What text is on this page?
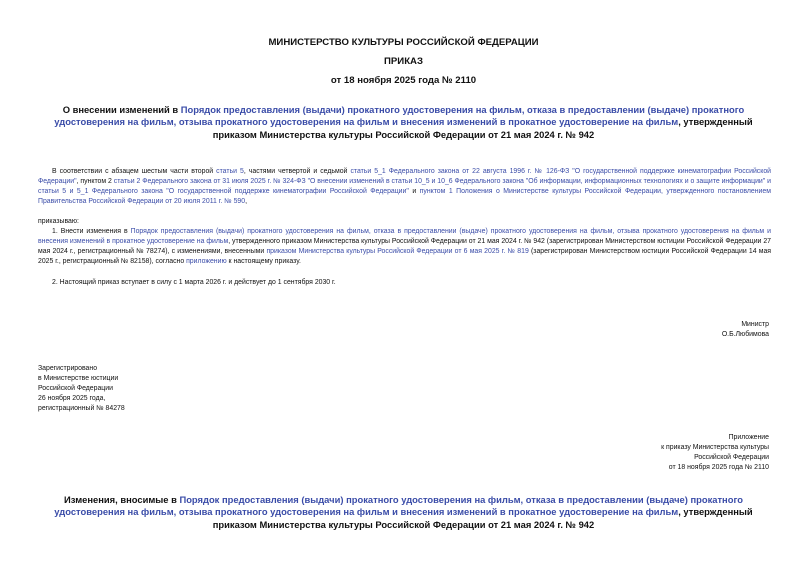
МИНИСТЕРСТВО КУЛЬТУРЫ РОССИЙСКОЙ ФЕДЕРАЦИИ
ПРИКАЗ
от 18 ноября 2025 года № 2110
О внесении изменений в Порядок предоставления (выдачи) прокатного удостоверения на фильм, отказа в предоставлении (выдаче) прокатного удостоверения на фильм, отзыва прокатного удостоверения на фильм и внесения изменений в прокатное удостоверение на фильм, утвержденный приказом Министерства культуры Российской Федерации от 21 мая 2024 г. № 942
В соответствии с абзацем шестым части второй статьи 5, частями четвертой и седьмой статьи 5_1 Федерального закона от 22 августа 1996 г. № 126-ФЗ "О государственной поддержке кинематографии Российской Федерации", пунктом 2 статьи 2 Федерального закона от 31 июля 2025 г. № 324-ФЗ "О внесении изменений в статьи 10_5 и 10_6 Федерального закона "Об информации, информационных технологиях и о защите информации" и статьи 5 и 5_1 Федерального закона "О государственной поддержке кинематографии Российской Федерации" и пунктом 1 Положения о Министерстве культуры Российской Федерации, утвержденного постановлением Правительства Российской Федерации от 20 июля 2011 г. № 590,
приказываю:
1. Внести изменения в Порядок предоставления (выдачи) прокатного удостоверения на фильм, отказа в предоставлении (выдаче) прокатного удостоверения на фильм, отзыва прокатного удостоверения на фильм и внесения изменений в прокатное удостоверение на фильм, утвержденного приказом Министерства культуры Российской Федерации от 21 мая 2024 г. № 942 (зарегистрирован Министерством юстиции Российской Федерации 27 мая 2024 г., регистрационный № 78274), с изменениями, внесенными приказом Министерства культуры Российской Федерации от 6 мая 2025 г. № 819 (зарегистрирован Министерством юстиции Российской Федерации 14 мая 2025 г., регистрационный № 82158), согласно приложению к настоящему приказу.
2. Настоящий приказ вступает в силу с 1 марта 2026 г. и действует до 1 сентября 2030 г.
Министр
О.Б.Любимова
Зарегистрировано
в Министерстве юстиции
Российской Федерации
26 ноября 2025 года,
регистрационный № 84278
Приложение
к приказу Министерства культуры
Российской Федерации
от 18 ноября 2025 года № 2110
Изменения, вносимые в Порядок предоставления (выдачи) прокатного удостоверения на фильм, отказа в предоставлении (выдаче) прокатного удостоверения на фильм, отзыва прокатного удостоверения на фильм и внесения изменений в прокатное удостоверение на фильм, утвержденный приказом Министерства культуры Российской Федерации от 21 мая 2024 г. № 942
